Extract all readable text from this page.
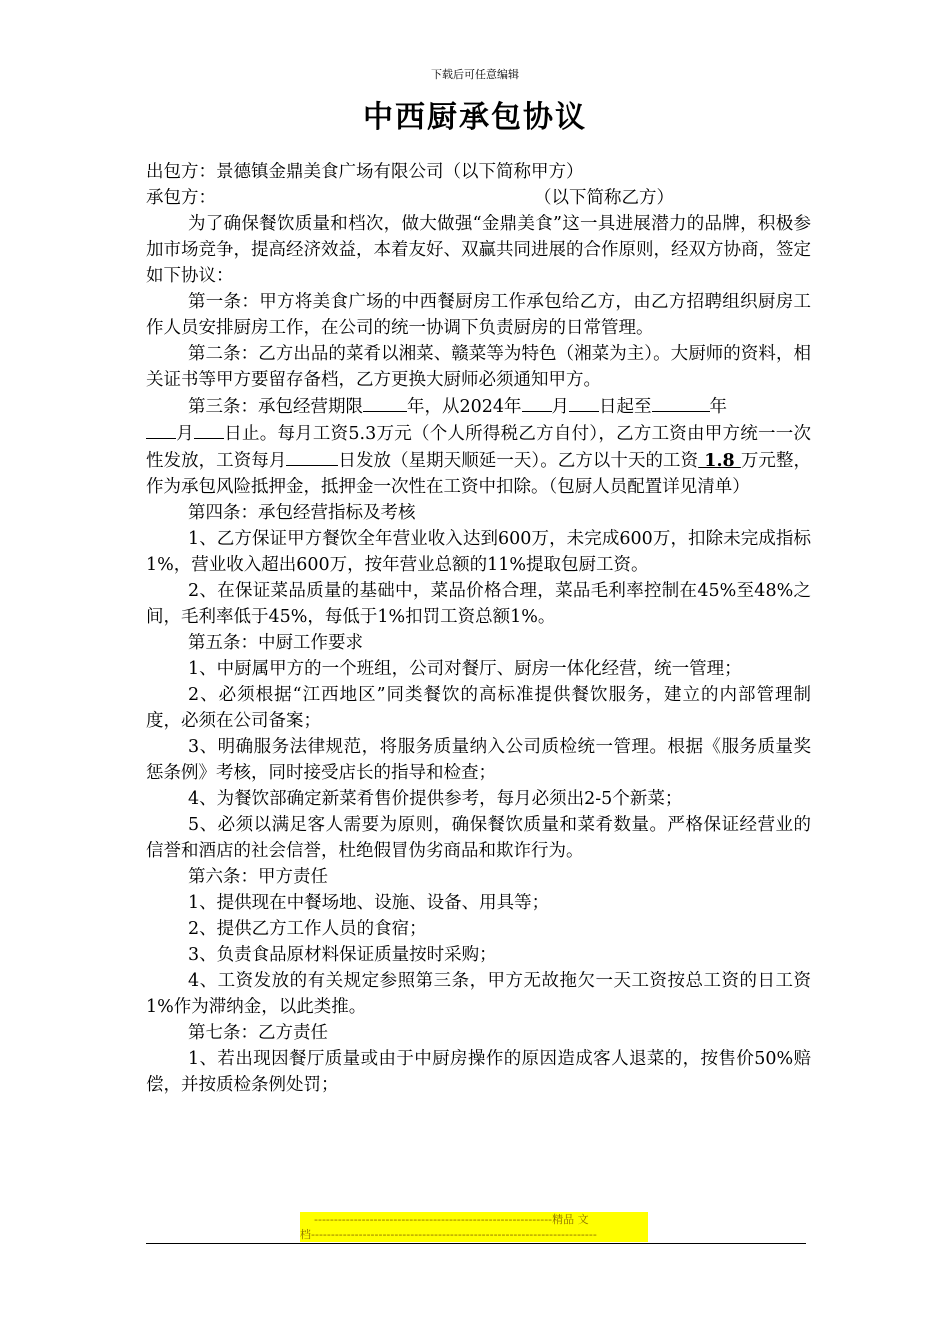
下载后可任意编辑
中西厨承包协议
出包方：景德镇金鼎美食广场有限公司（以下简称甲方）
承包方：	（以下简称乙方）

为了确保餐饮质量和档次，做大做强“金鼎美食”这一具进展潜力的品牌，积极参加市场竞争，提高经济效益，本着友好、双赢共同进展的合作原则，经双方协商，签定如下协议：

第一条：甲方将美食广场的中西餐厨房工作承包给乙方，由乙方招聘组织厨房工作人员安排厨房工作，在公司的统一协调下负责厨房的日常管理。

第二条：乙方出品的菜肴以湘菜、赣菜等为特色（湘菜为主）。大厨师的资料，相关证书等甲方要留存备档，乙方更换大厨师必须通知甲方。

第三条：承包经营期限	年，从2024年 月 日起至	年
月 日止。每月工资5.3万元（个人所得税乙方自付），乙方工资由甲方统一一次性发放，工资每月	日发放（星期天顺延一天）。乙方以十天的工资 1.8 万元整，作为承包风险抵押金，抵押金一次性在工资中扣除。（包厨人员配置详见清单）

第四条：承包经营指标及考核

1、乙方保证甲方餐饮全年营业收入达到600万，未完成600万，扣除未完成指标1%，营业收入超出600万，按年营业总额的11%提取包厨工资。

2、在保证菜品质量的基础中，菜品价格合理，菜品毛利率控制在45%至48%之间，毛利率低于45%，每低于1%扣罚工资总额1%。

第五条：中厨工作要求

1、中厨属甲方的一个班组，公司对餐厅、厨房一体化经营，统一管理；

2、必须根据“江西地区”同类餐饮的高标准提供餐饮服务，建立的内部管理制度，必须在公司备案；

3、明确服务法律规范，将服务质量纳入公司质检统一管理。根据《服务质量奖惩条例》考核，同时接受店长的指导和检查；

4、为餐饮部确定新菜肴售价提供参考，每月必须出2-5个新菜；

5、必须以满足客人需要为原则，确保餐饮质量和菜肴数量。严格保证经营业的信誉和酒店的社会信誉，杜绝假冒伪劣商品和欺诈行为。

第六条：甲方责任

1、提供现在中餐场地、设施、设备、用具等；

2、提供乙方工作人员的食宿；

3、负责食品原材料保证质量按时采购；

4、工资发放的有关规定参照第三条，甲方无故拖欠一天工资按总工资的日工资1%作为滞纳金，以此类推。

第七条：乙方责任

1、若出现因餐厅质量或由于中厨房操作的原因造成客人退菜的，按售价50%赔偿，并按质检条例处罚；

------------------------------------------------------------精品 文
档------------------------------------------------------------------------
